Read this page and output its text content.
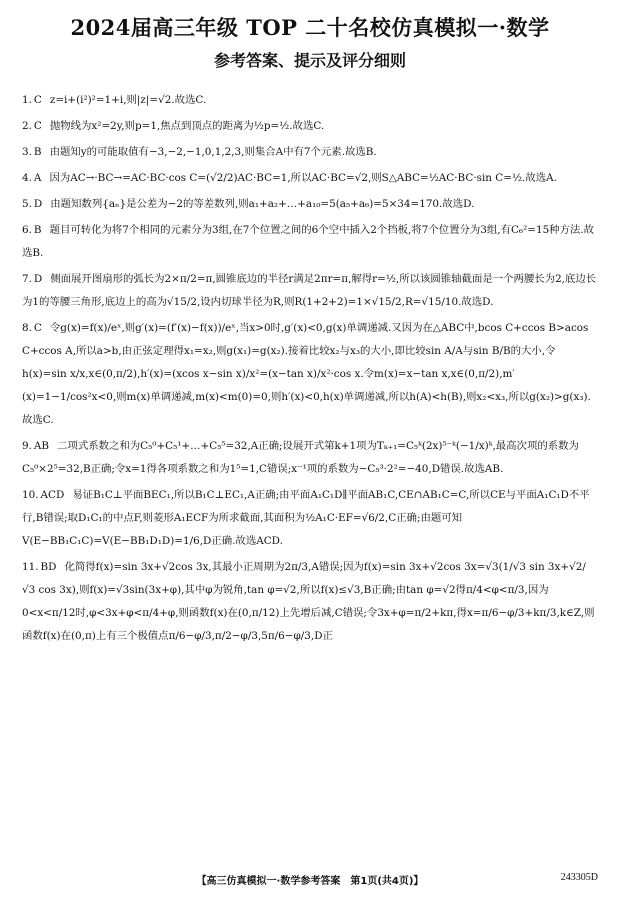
2024届高三年级 TOP 二十名校仿真模拟一·数学
参考答案、提示及评分细则

1. C z=i+(i²)²=1+i,则|z|=√2.故选C.

2. C 抛物线为x²=2y,则p=1,焦点到顶点的距离为½p=½.故选C.

3. B 由题知y的可能取值有−3,−2,−1,0,1,2,3,则集合A中有7个元素.故选B.

4. A 因为AC→·BC→=AC·BC·cos C=(√2/2)AC·BC=1,所以AC·BC=√2,则S△ABC=½AC·BC·sin C=½.故选A.

5. D 由题知数列{aₙ}是公差为−2的等差数列,则a₁+a₂+…+a₁₀=5(a₅+a₆)=5×34=170.故选D.

6. B 题目可转化为将7个相同的元素分为3组,在7个位置之间的6个空中插入2个挡板,将7个位置分为3组,有C₆²=15种方法.故选B.

7. D 侧面展开图扇形的弧长为2×π/2=π,圆锥底边的半径r满足2πr=π,解得r=½,所以该圆锥轴截面是一个两腰长为2,底边长为1的等腰三角形,底边上的高为√15/2,设内切球半径为R,则R(1+2+2)=1×√15/2,R=√15/10.故选D.

8. C 令g(x)=f(x)/eˣ,则g′(x)=(f′(x)−f(x))/eˣ,当x>0时,g′(x)<0,g(x)单调递减.又因为在△ABC中,bcos C+ccos B>acos C+ccos A,所以a>b,由正弦定理得x₁=x₂,则g(x₁)=g(x₂).接着比较x₂与x₃的大小,即比较sin A/A与sin B/B的大小,令h(x)=sin x/x,x∈(0,π/2),h′(x)=(xcos x−sin x)/x²=(x−tan x)/x²·cos x.令m(x)=x−tan x,x∈(0,π/2),m′(x)=1−1/cos²x<0,则m(x)单调递减,m(x)<m(0)=0,则h′(x)<0,h(x)单调递减,所以h(A)<h(B),则x₂<x₃,所以g(x₂)>g(x₃).故选C.

9. AB 二项式系数之和为C₅⁰+C₅¹+…+C₅⁵=32,A正确;设展开式第k+1项为Tₖ₊₁=C₅ᵏ(2x)⁵⁻ᵏ(−1/x)ᵏ,最高次项的系数为C₅⁰×2⁵=32,B正确;令x=1得各项系数之和为1⁵=1,C错误;x⁻¹项的系数为−C₅³·2²=−40,D错误.故选AB.

10. ACD 易证B₁C⊥平面BEC₁,所以B₁C⊥EC₁,A正确;由平面A₁C₁D∥平面AB₁C,CE∩AB₁C=C,所以CE与平面A₁C₁D不平行,B错误;取D₁C₁的中点F,则菱形A₁ECF为所求截面,其面积为½A₁C·EF=√6/2,C正确;由题可知V(E−BB₁C₁C)=V(E−BB₁D₁D)=1/6,D正确.故选ACD.

11. BD 化简得f(x)=sin 3x+√2cos 3x,其最小正周期为2π/3,A错误;因为f(x)=sin 3x+√2cos 3x=√3(1/√3 sin 3x+√2/√3 cos 3x),则f(x)=√3sin(3x+φ),其中φ为锐角,tan φ=√2,所以f(x)≤√3,B正确;由tan φ=√2得π/4<φ<π/3,因为0<x<π/12时,φ<3x+φ<π/4+φ,则函数f(x)在(0,π/12)上先增后减,C错误;令3x+φ=π/2+kπ,得x=π/6−φ/3+kπ/3,k∈Z,则函数f(x)在(0,π)上有三个极值点π/6−φ/3,π/2−φ/3,5π/6−φ/3,D正

【高三仿真模拟一·数学参考答案　第1页(共4页)】	243305D
